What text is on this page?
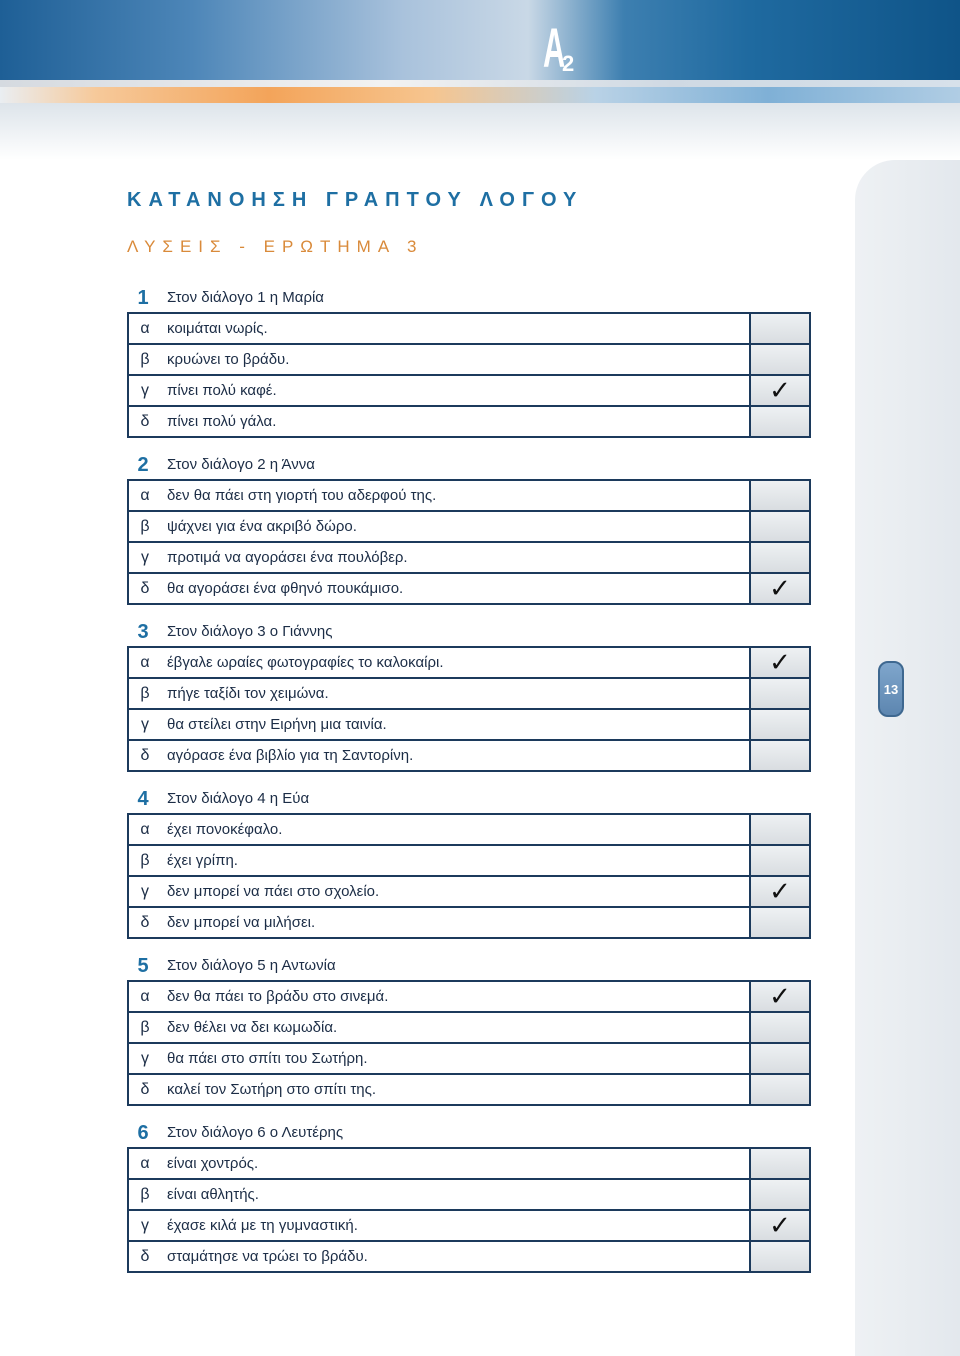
A
2
13
ΚΑΤΑΝΟΗΣΗ ΓΡΑΠΤΟΥ ΛΟΓΟΥ
ΛΥΣΕΙΣ - ΕΡΩΤΗΜΑ 3
1	Στον διάλογο 1 η Μαρία
α	κοιμάται νωρίς.
β	κρυώνει το βράδυ.
γ	πίνει πολύ καφέ.	✓
δ	πίνει πολύ γάλα.
2	Στον διάλογο 2 η Άννα
α	δεν θα πάει στη γιορτή του αδερφού της.
β	ψάχνει για ένα ακριβό δώρο.
γ	προτιμά να αγοράσει ένα πουλόβερ.
δ	θα αγοράσει ένα φθηνό πουκάμισο.	✓
3	Στον διάλογο 3 ο Γιάννης
α	έβγαλε ωραίες φωτογραφίες το καλοκαίρι.	✓
β	πήγε ταξίδι τον χειμώνα.
γ	θα στείλει στην Ειρήνη μια ταινία.
δ	αγόρασε ένα βιβλίο για τη Σαντορίνη.
4	Στον διάλογο 4 η Εύα
α	έχει πονοκέφαλο.
β	έχει γρίπη.
γ	δεν μπορεί να πάει στο σχολείο.	✓
δ	δεν μπορεί να μιλήσει.
5	Στον διάλογο 5 η Αντωνία
α	δεν θα πάει το βράδυ στο σινεμά.	✓
β	δεν θέλει να δει κωμωδία.
γ	θα πάει στο σπίτι του Σωτήρη.
δ	καλεί τον Σωτήρη στο σπίτι της.
6	Στον διάλογο 6 ο Λευτέρης
α	είναι χοντρός.
β	είναι αθλητής.
γ	έχασε κιλά με τη γυμναστική.	✓
δ	σταμάτησε να τρώει το βράδυ.
